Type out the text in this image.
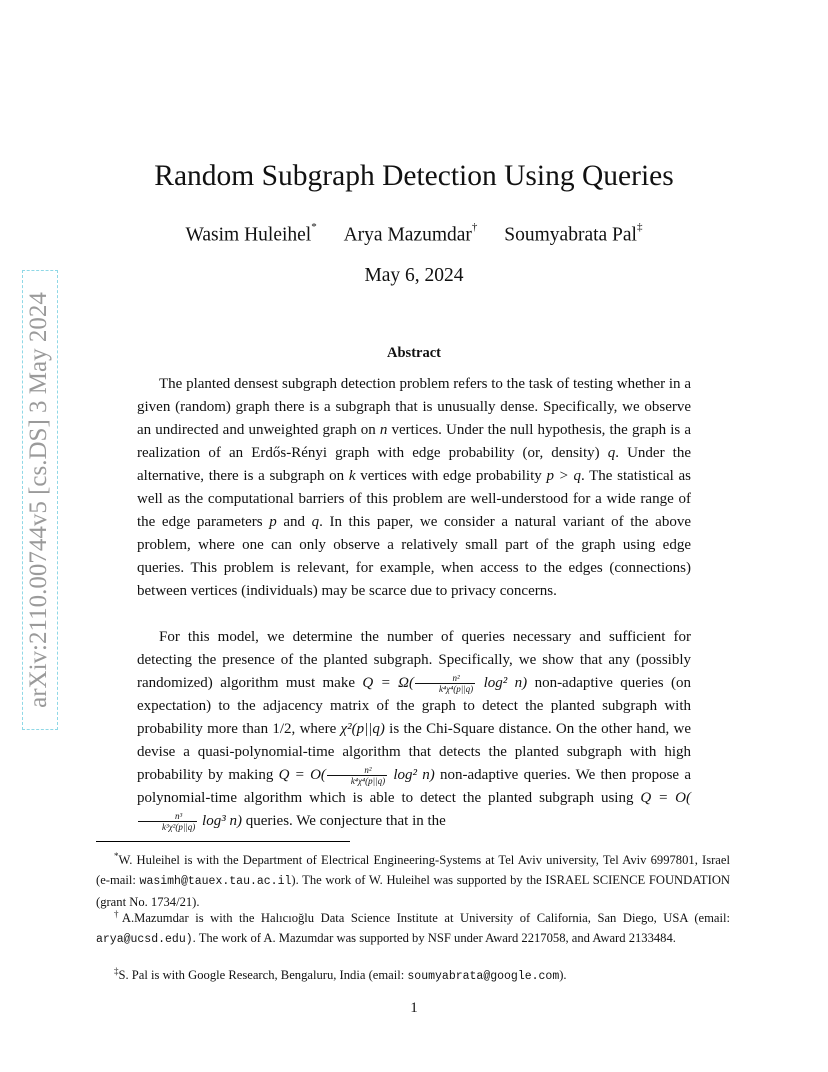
arXiv:2110.00744v5 [cs.DS] 3 May 2024
Random Subgraph Detection Using Queries
Wasim Huleihel* Arya Mazumdar† Soumyabrata Pal‡
May 6, 2024
Abstract

The planted densest subgraph detection problem refers to the task of testing whether in a given (random) graph there is a subgraph that is unusually dense. Specifically, we observe an undirected and unweighted graph on n vertices. Under the null hypothesis, the graph is a realization of an Erdős-Rényi graph with edge probability (or, density) q. Under the alternative, there is a subgraph on k vertices with edge probability p > q. The statistical as well as the computational barriers of this problem are well-understood for a wide range of the edge parameters p and q. In this paper, we consider a natural variant of the above problem, where one can only observe a relatively small part of the graph using edge queries. This problem is relevant, for example, when access to the edges (connections) between vertices (individuals) may be scarce due to privacy concerns.

For this model, we determine the number of queries necessary and sufficient for detecting the presence of the planted subgraph. Specifically, we show that any (possibly randomized) algorithm must make $Q = \Omega( \frac{\text{n²}}{\text{k⁴χ⁴(p||q)}} \log^2$ n) non-adaptive queries (on expectation) to the adjacency matrix of the graph to detect the planted subgraph with probability more than 1/2, where χ²(p||q) is the Chi-Square distance. On the other hand, we devise a quasi-polynomial-time algorithm that detects the planted subgraph with high probability by making $Q = O( \frac{\text{n²}}{\text{k⁴χ⁴(p||q)}} \log^2$ n) non-adaptive queries. We then propose a polynomial-time algorithm which is able to detect the planted subgraph using Q = O(
$\frac{\text{n³}}{\text{k³χ²(p||q)}} \log^3$ n) queries. We conjecture that in the

*W. Huleihel is with the Department of Electrical Engineering-Systems at Tel Aviv university, Tel Aviv 6997801, Israel (e-mail: wasimh@tauex.tau.ac.il). The work of W. Huleihel was supported by the ISRAEL SCIENCE FOUNDATION (grant No. 1734/21).

†A.Mazumdar is with the Halıcıoğlu Data Science Institute at University of California, San Diego, USA (email: arya@ucsd.edu). The work of A. Mazumdar was supported by NSF under Award 2217058, and Award 2133484.

‡S. Pal is with Google Research, Bengaluru, India (email: soumyabrata@google.com).

1
